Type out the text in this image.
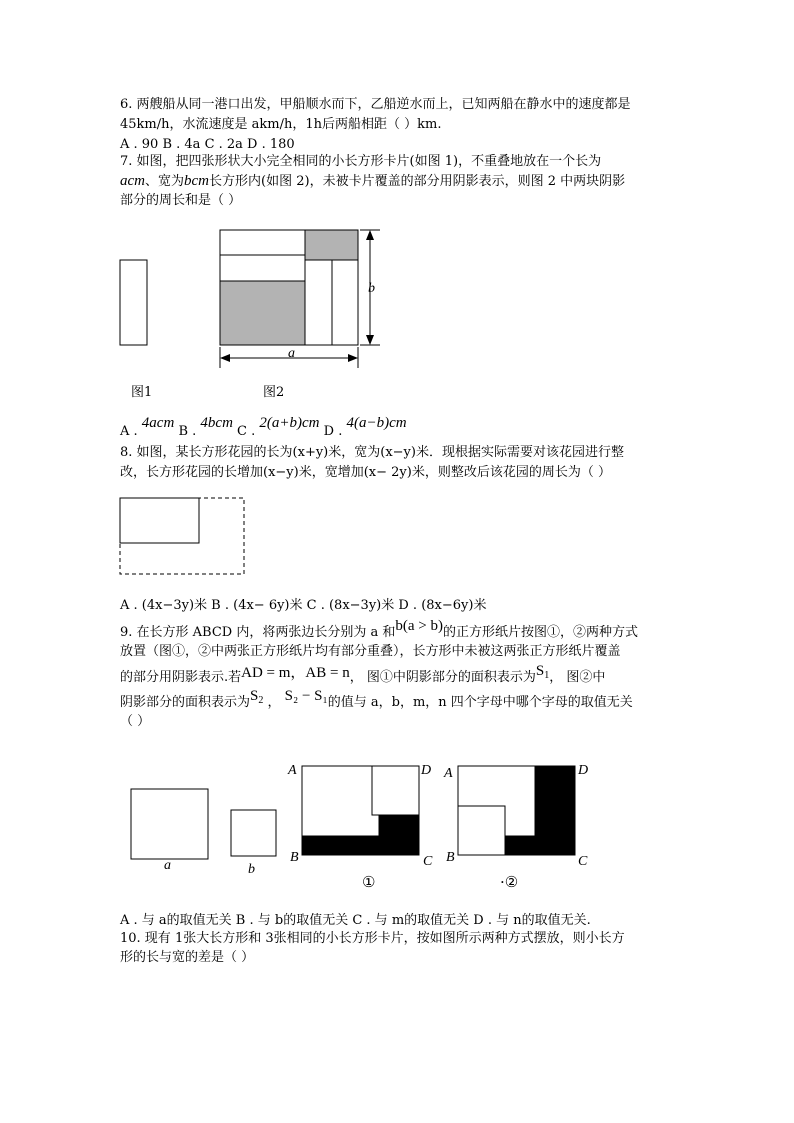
6. 两艘船从同一港口出发，甲船顺水而下，乙船逆水而上，已知两船在静水中的速度都是
45km/h，水流速度是 akm/h，1h后两船相距（ ）km.
A . 90 B . 4a C . 2a D . 180
7. 如图，把四张形状大小完全相同的小长方形卡片(如图 1)，不重叠地放在一个长为
acm、宽为bcm长方形内(如图 2)，未被卡片覆盖的部分用阴影表示，则图 2 中两块阴影
部分的周长和是（ ）
b
a
图1	图2
A . 4acm B . 4bcm C . 2(a+b)cm D . 4(a−b)cm
8. 如图，某长方形花园的长为(x+y)米，宽为(x−y)米．现根据实际需要对该花园进行整
改，长方形花园的长增加(x−y)米，宽增加(x− 2y)米，则整改后该花园的周长为（ ）
A . (4x−3y)米 B . (4x− 6y)米 C . (8x−3y)米 D . (8x−6y)米
9. 在长方形 ABCD 内，将两张边长分别为 a 和b(a > b)的正方形纸片按图①，②两种方式
放置（图①，②中两张正方形纸片均有部分重叠），长方形中未被这两张正方形纸片覆盖
的部分用阴影表示.若AD = m，AB = n， 图①中阴影部分的面积表示为$S_1$， 图②中
阴影部分的面积表示为$S_2$ ， S₂ − S₁的值与 a，b，m，n 四个字母中哪个字母的取值无关
（ ）
a	b
A	D
B	C
A	D
B	C
①	·②
A . 与 a的取值无关 B . 与 b的取值无关 C . 与 m的取值无关 D . 与 n的取值无关.
10. 现有 1张大长方形和 3张相同的小长方形卡片，按如图所示两种方式摆放，则小长方
形的长与宽的差是（ ）
